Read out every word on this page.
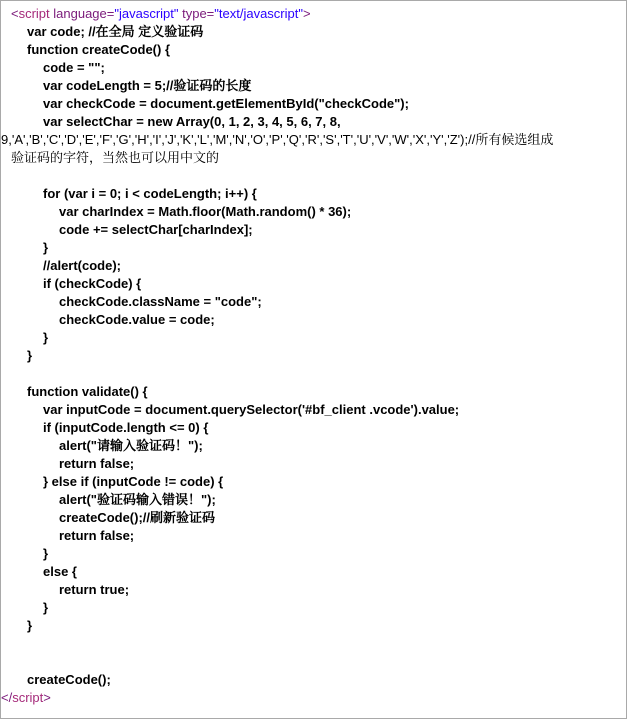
<script language="javascript" type="text/javascript">
var code; //在全局 定义验证码
function createCode() {
code = "";
var codeLength = 5;//验证码的长度
var checkCode = document.getElementById("checkCode");
var selectChar = new Array(0, 1, 2, 3, 4, 5, 6, 7, 8,
9,'A','B','C','D','E','F','G','H','I','J','K','L','M','N','O','P','Q','R','S','T','U','V','W','X','Y','Z');//所有候选组成
验证码的字符，当然也可以用中文的
for (var i = 0; i < codeLength; i++) {
var charIndex = Math.floor(Math.random() * 36);
code += selectChar[charIndex];
}
//alert(code);
if (checkCode) {
checkCode.className = "code";
checkCode.value = code;
}
}
function validate() {
var inputCode = document.querySelector('#bf_client .vcode').value;
if (inputCode.length <= 0) {
alert("请输入验证码！");
return false;
} else if (inputCode != code) {
alert("验证码输入错误！");
createCode();//刷新验证码
return false;
}
else {
return true;
}
}
createCode();
</script>
